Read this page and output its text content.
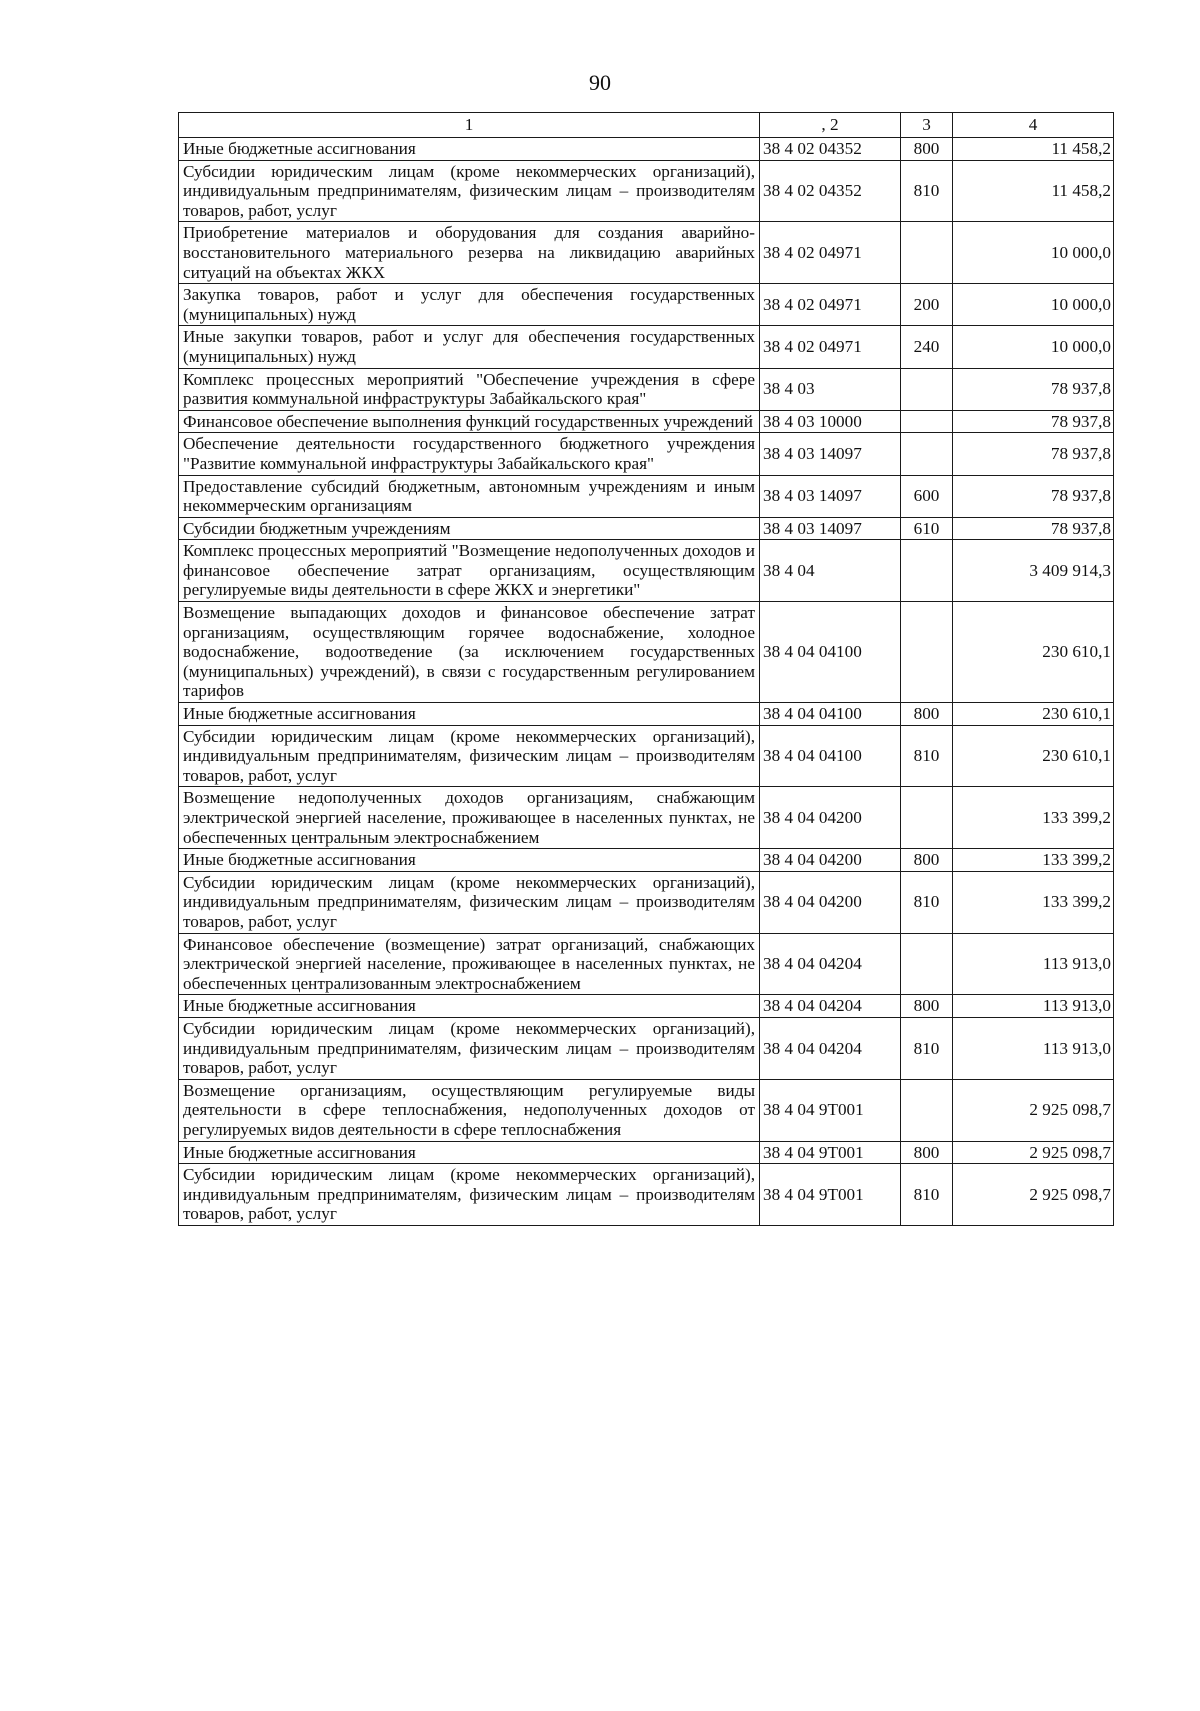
90
1	, 2	3	4
Иные бюджетные ассигнования	38 4 02 04352	800	11 458,2
Субсидии юридическим лицам (кроме некоммерческих организаций), индивидуальным предпринимателям, физическим лицам – производителям товаров, работ, услуг	38 4 02 04352	810	11 458,2
Приобретение материалов и оборудования для создания аварийно-восстановительного материального резерва на ликвидацию аварийных ситуаций на объектах ЖКХ	38 4 02 04971		10 000,0
Закупка товаров, работ и услуг для обеспечения государственных (муниципальных) нужд	38 4 02 04971	200	10 000,0
Иные закупки товаров, работ и услуг для обеспечения государственных (муниципальных) нужд	38 4 02 04971	240	10 000,0
Комплекс процессных мероприятий "Обеспечение учреждения в сфере развития коммунальной инфраструктуры Забайкальского края"	38 4 03		78 937,8
Финансовое обеспечение выполнения функций государственных учреждений	38 4 03 10000		78 937,8
Обеспечение деятельности государственного бюджетного учреждения "Развитие коммунальной инфраструктуры Забайкальского края"	38 4 03 14097		78 937,8
Предоставление субсидий бюджетным, автономным учреждениям и иным некоммерческим организациям	38 4 03 14097	600	78 937,8
Субсидии бюджетным учреждениям	38 4 03 14097	610	78 937,8
Комплекс процессных мероприятий "Возмещение недополученных доходов и финансовое обеспечение затрат организациям, осуществляющим регулируемые виды деятельности в сфере ЖКХ и энергетики"	38 4 04		3 409 914,3
Возмещение выпадающих доходов и финансовое обеспечение затрат организациям, осуществляющим горячее водоснабжение, холодное водоснабжение, водоотведение (за исключением государственных (муниципальных) учреждений), в связи с государственным регулированием тарифов	38 4 04 04100		230 610,1
Иные бюджетные ассигнования	38 4 04 04100	800	230 610,1
Субсидии юридическим лицам (кроме некоммерческих организаций), индивидуальным предпринимателям, физическим лицам – производителям товаров, работ, услуг	38 4 04 04100	810	230 610,1
Возмещение недополученных доходов организациям, снабжающим электрической энергией население, проживающее в населенных пунктах, не обеспеченных центральным электроснабжением	38 4 04 04200		133 399,2
Иные бюджетные ассигнования	38 4 04 04200	800	133 399,2
Субсидии юридическим лицам (кроме некоммерческих организаций), индивидуальным предпринимателям, физическим лицам – производителям товаров, работ, услуг	38 4 04 04200	810	133 399,2
Финансовое обеспечение (возмещение) затрат организаций, снабжающих электрической энергией население, проживающее в населенных пунктах, не обеспеченных централизованным электроснабжением	38 4 04 04204		113 913,0
Иные бюджетные ассигнования	38 4 04 04204	800	113 913,0
Субсидии юридическим лицам (кроме некоммерческих организаций), индивидуальным предпринимателям, физическим лицам – производителям товаров, работ, услуг	38 4 04 04204	810	113 913,0
Возмещение организациям, осуществляющим регулируемые виды деятельности в сфере теплоснабжения, недополученных доходов от регулируемых видов деятельности в сфере теплоснабжения	38 4 04 9Т001		2 925 098,7
Иные бюджетные ассигнования	38 4 04 9Т001	800	2 925 098,7
Субсидии юридическим лицам (кроме некоммерческих организаций), индивидуальным предпринимателям, физическим лицам – производителям товаров, работ, услуг	38 4 04 9Т001	810	2 925 098,7
